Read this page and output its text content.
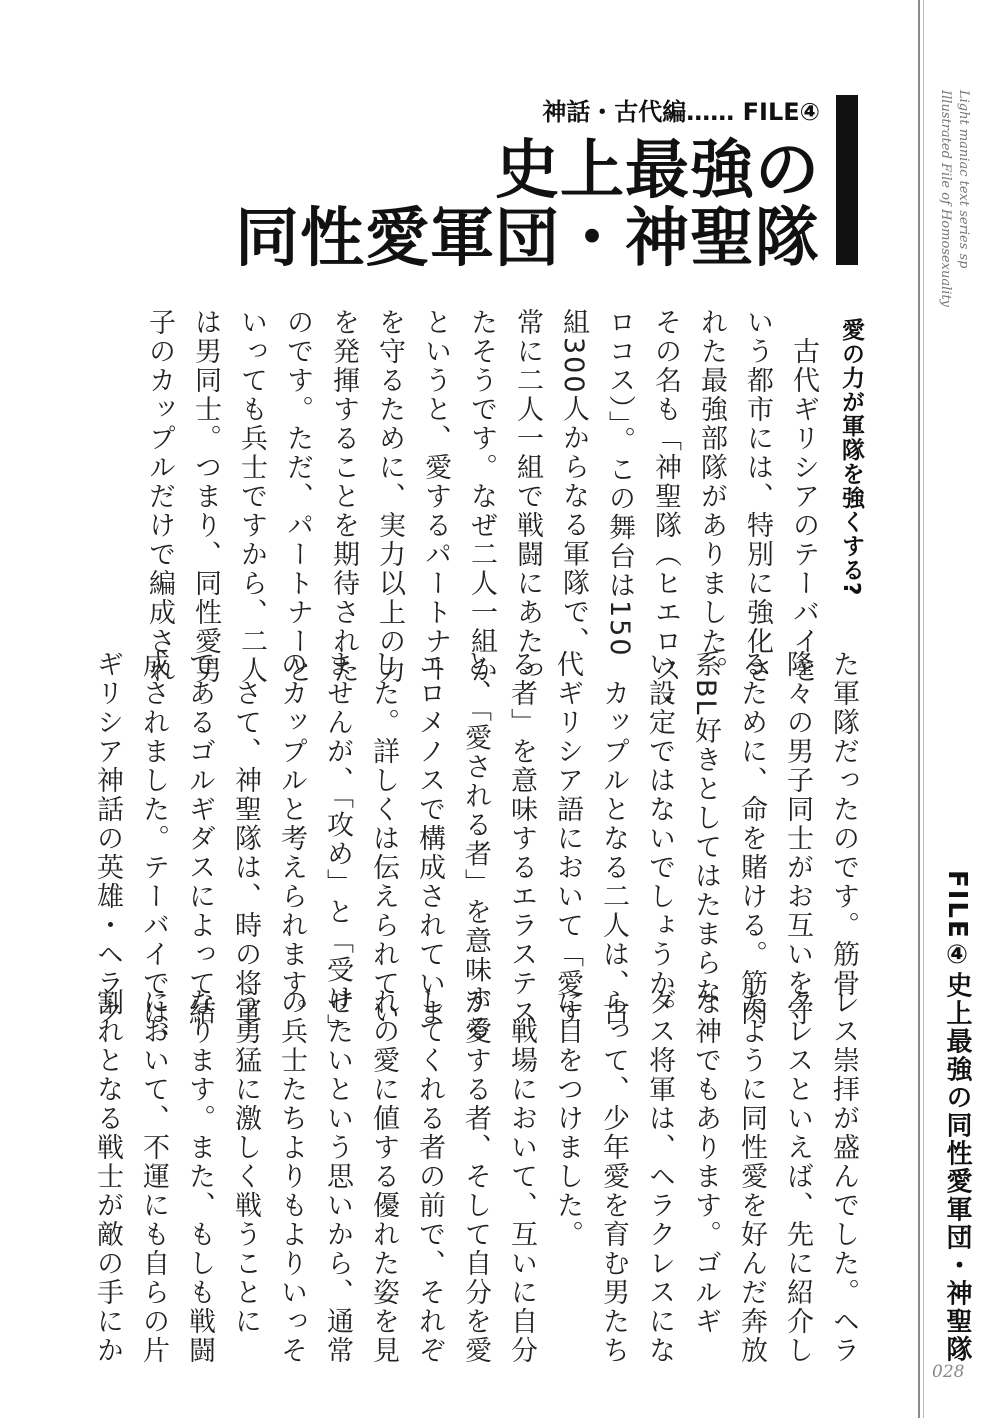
Light maniac text series sp
Illustrated File of Homosexuality
神話・古代編…… FILE④
史上最強の
同性愛軍団・神聖隊
愛の力が軍隊を強くする?
　古代ギリシアのテーバイと
いう都市には、特別に強化さ
れた最強部隊がありました。
その名も「神聖隊（ヒエロス・
ロコス）」。この舞台は150
組300人からなる軍隊で、
常に二人一組で戦闘にあたっ
たそうです。なぜ二人一組か
というと、愛するパートナー
を守るために、実力以上の力
を発揮することを期待された
のです。ただ、パートナーと
いっても兵士ですから、二人
は男同士。つまり、同性愛男
子のカップルだけで編成され
た軍隊だったのです。筋骨
隆々の男子同士がお互いを守
るために、命を賭ける。筋肉
系BL好きとしてはたまらな
い設定ではないでしょうか。
　カップルとなる二人は、古
代ギリシア語において「愛す
る者」を意味するエラステス
と、「愛される者」を意味する
エロメノスで構成されていま
した。詳しくは伝えられてい
ませんが、「攻め」と「受け」
のカップルと考えられます。
　さて、神聖隊は、時の将軍
であるゴルギダスによって結
成されました。テーバイでは、
ギリシア神話の英雄・ヘラク
レス崇拝が盛んでした。ヘラ
クレスといえば、先に紹介し
たように同性愛を好んだ奔放
な神でもあります。ゴルギ
ダス将軍は、ヘラクレスにな
らって、少年愛を育む男たち
に目をつけました。
　戦場において、互いに自分
が愛する者、そして自分を愛
してくれる者の前で、それぞ
れの愛に値する優れた姿を見
せたいという思いから、通常
の兵士たちよりもよりいっそ
う勇猛に激しく戦うことに
なります。また、もしも戦闘
において、不運にも自らの片
割れとなる戦士が敵の手にか	FILE④史上最強の同性愛軍団・神聖隊
028
